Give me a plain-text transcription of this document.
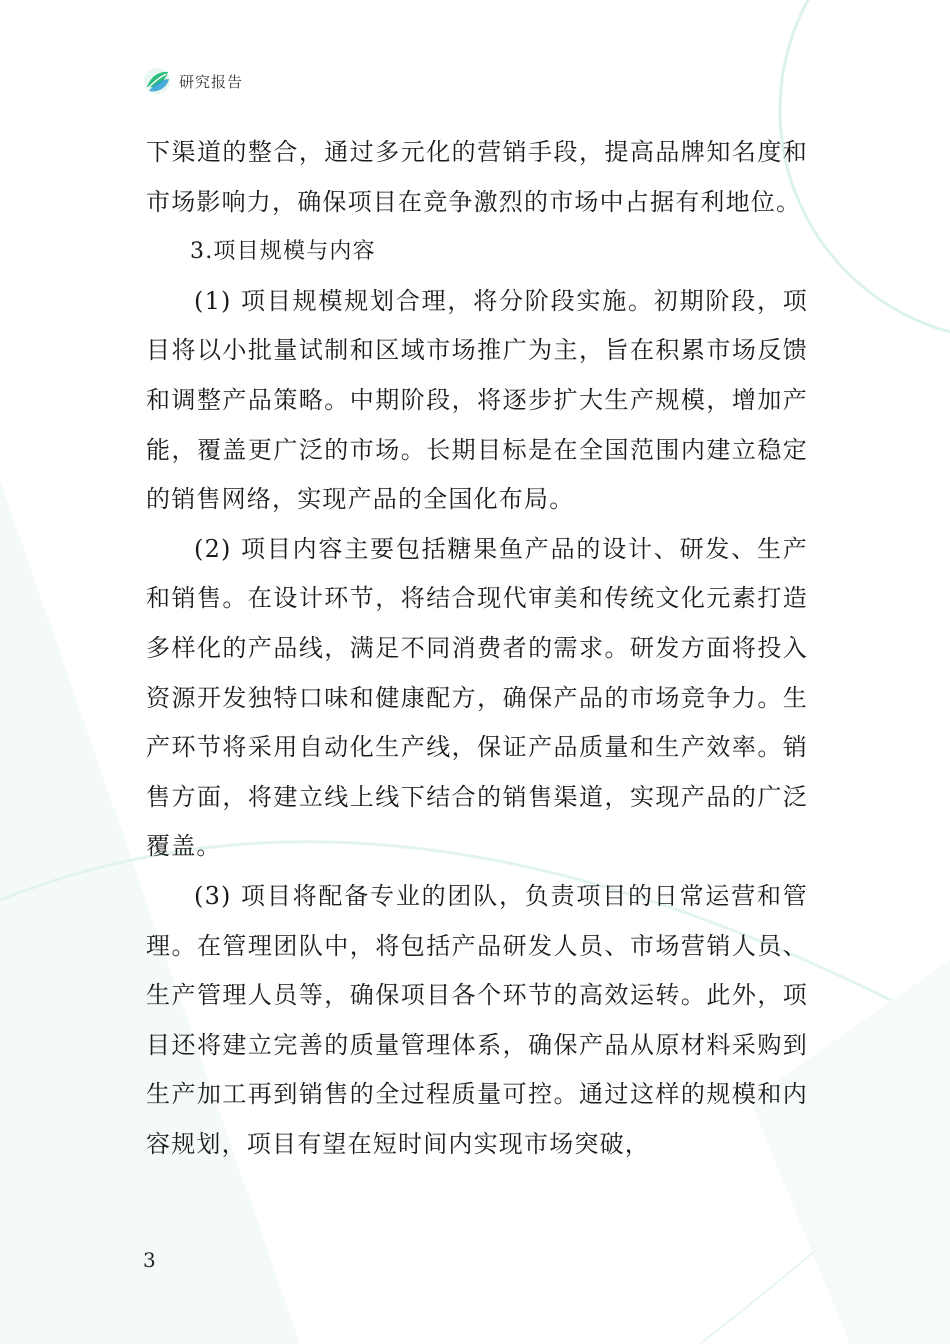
研究报告

下渠道的整合，通过多元化的营销手段，提高品牌知名度和市场影响力，确保项目在竞争激烈的市场中占据有利地位。

3.项目规模与内容

(1) 项目规模规划合理，将分阶段实施。初期阶段，项目将以小批量试制和区域市场推广为主，旨在积累市场反馈和调整产品策略。中期阶段，将逐步扩大生产规模，增加产能，覆盖更广泛的市场。长期目标是在全国范围内建立稳定的销售网络，实现产品的全国化布局。

(2) 项目内容主要包括糖果鱼产品的设计、研发、生产和销售。在设计环节，将结合现代审美和传统文化元素打造多样化的产品线，满足不同消费者的需求。研发方面将投入资源开发独特口味和健康配方，确保产品的市场竞争力。生产环节将采用自动化生产线，保证产品质量和生产效率。销售方面，将建立线上线下结合的销售渠道，实现产品的广泛覆盖。

(3) 项目将配备专业的团队，负责项目的日常运营和管理。在管理团队中，将包括产品研发人员、市场营销人员、生产管理人员等，确保项目各个环节的高效运转。此外，项目还将建立完善的质量管理体系，确保产品从原材料采购到生产加工再到销售的全过程质量可控。通过这样的规模和内容规划，项目有望在短时间内实现市场突破，

3
